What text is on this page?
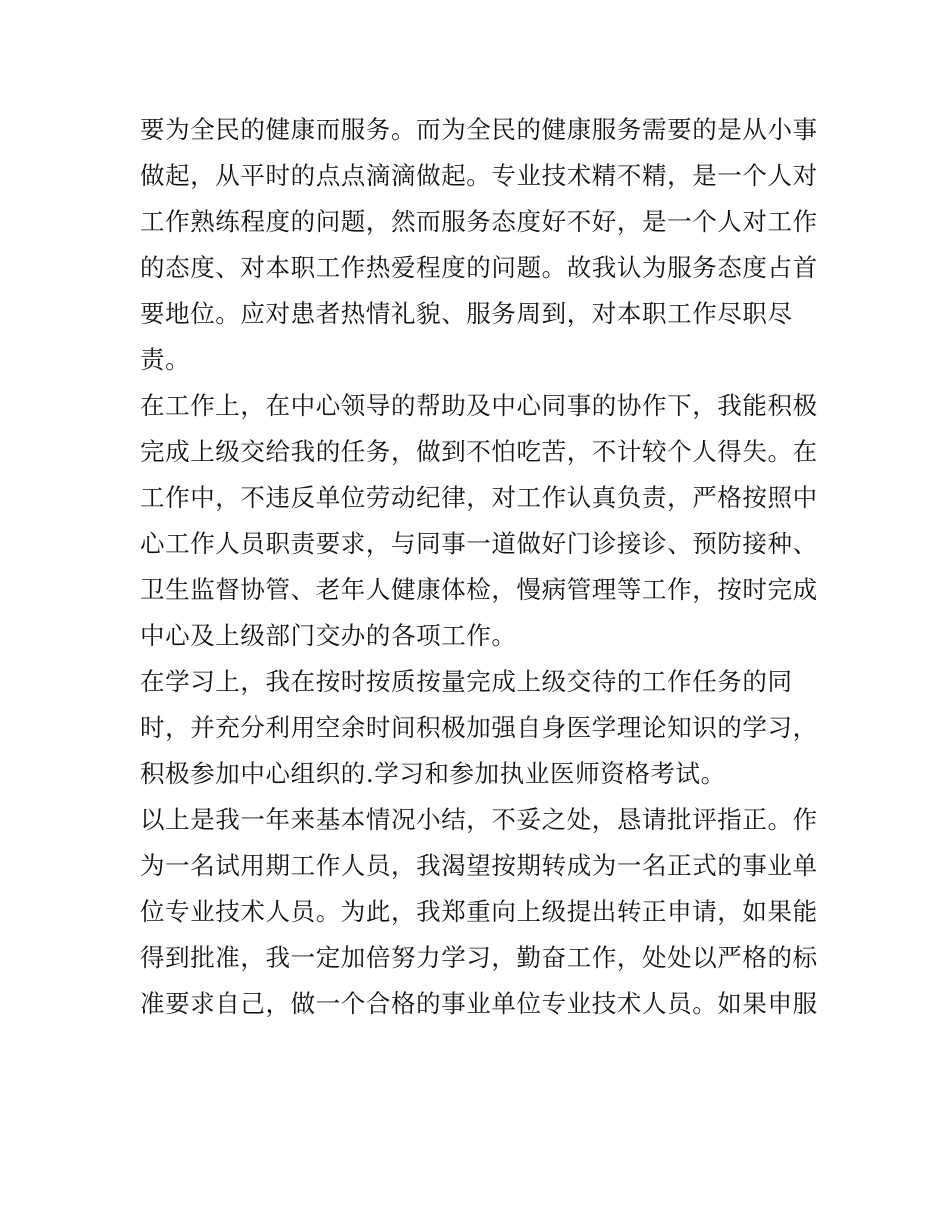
要为全民的健康而服务。而为全民的健康服务需要的是从小事
做起，从平时的点点滴滴做起。专业技术精不精，是一个人对
工作熟练程度的问题，然而服务态度好不好，是一个人对工作
的态度、对本职工作热爱程度的问题。故我认为服务态度占首
要地位。应对患者热情礼貌、服务周到，对本职工作尽职尽
责。
在工作上，在中心领导的帮助及中心同事的协作下，我能积极
完成上级交给我的任务，做到不怕吃苦，不计较个人得失。在
工作中，不违反单位劳动纪律，对工作认真负责，严格按照中
心工作人员职责要求，与同事一道做好门诊接诊、预防接种、
卫生监督协管、老年人健康体检，慢病管理等工作，按时完成
中心及上级部门交办的各项工作。
在学习上，我在按时按质按量完成上级交待的工作任务的同
时，并充分利用空余时间积极加强自身医学理论知识的学习，
积极参加中心组织的.学习和参加执业医师资格考试。
以上是我一年来基本情况小结，不妥之处，恳请批评指正。作
为一名试用期工作人员，我渴望按期转成为一名正式的事业单
位专业技术人员。为此，我郑重向上级提出转正申请，如果能
得到批准，我一定加倍努力学习，勤奋工作，处处以严格的标
准要求自己，做一个合格的事业单位专业技术人员。如果申服
